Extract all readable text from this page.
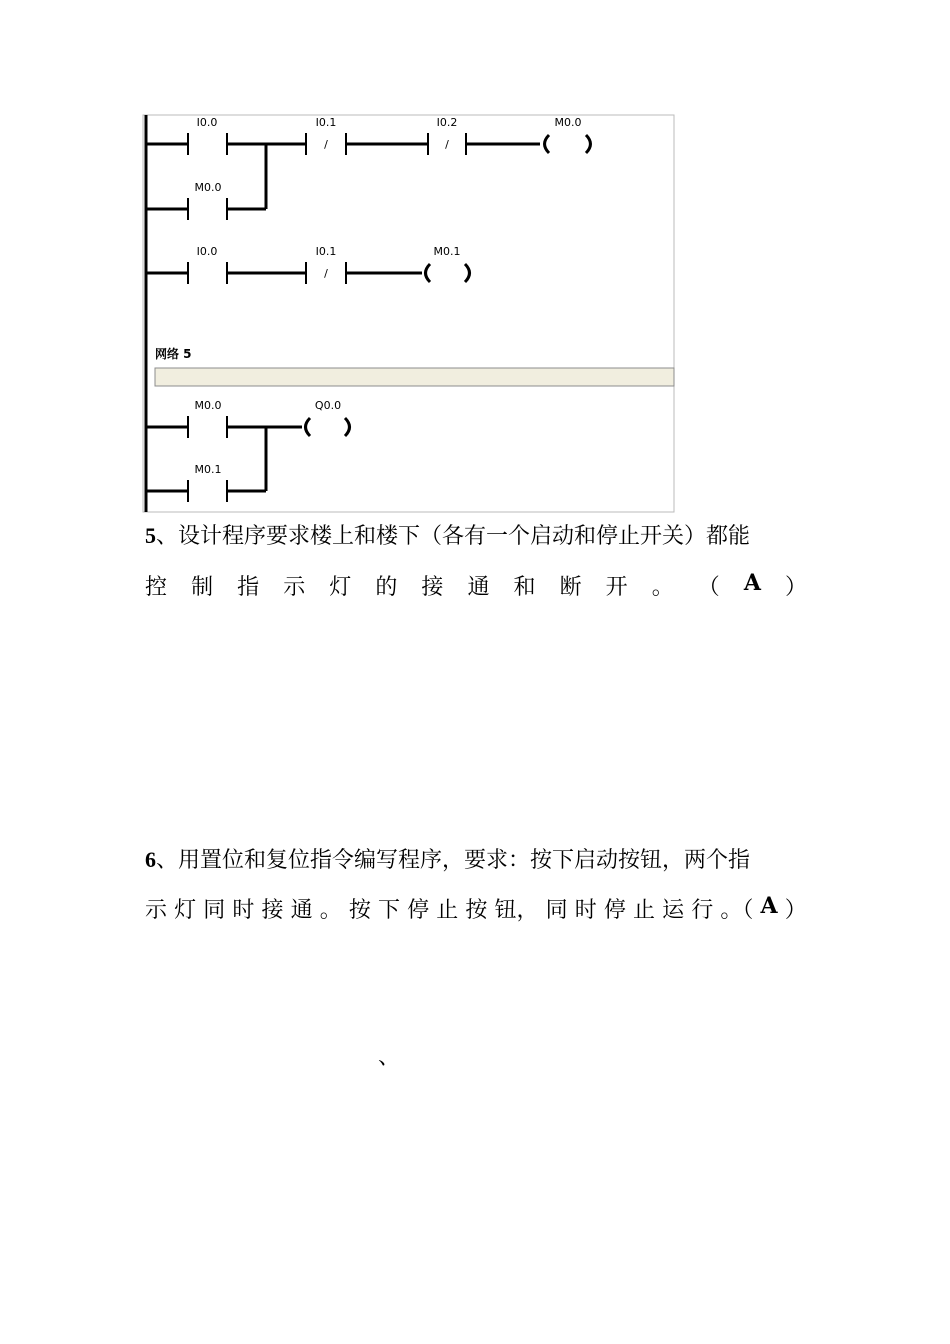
I0.0
/
I0.1
/
I0.2	M0.0
M0.0
I0.0
/
I0.1	M0.1
网络 5
M0.0	Q0.0
M0.1
5、设计程序要求楼上和楼下（各有一个启动和停止开关）都能
控 制 指 示 灯 的 接 通 和 断 开 。 （ A ）
6、用置位和复位指令编写程序，要求：按下启动按钮，两个指
示 灯 同 时 接 通 。 按 下 停 止 按 钮， 同 时 停 止 运 行 。（ A ）
、
